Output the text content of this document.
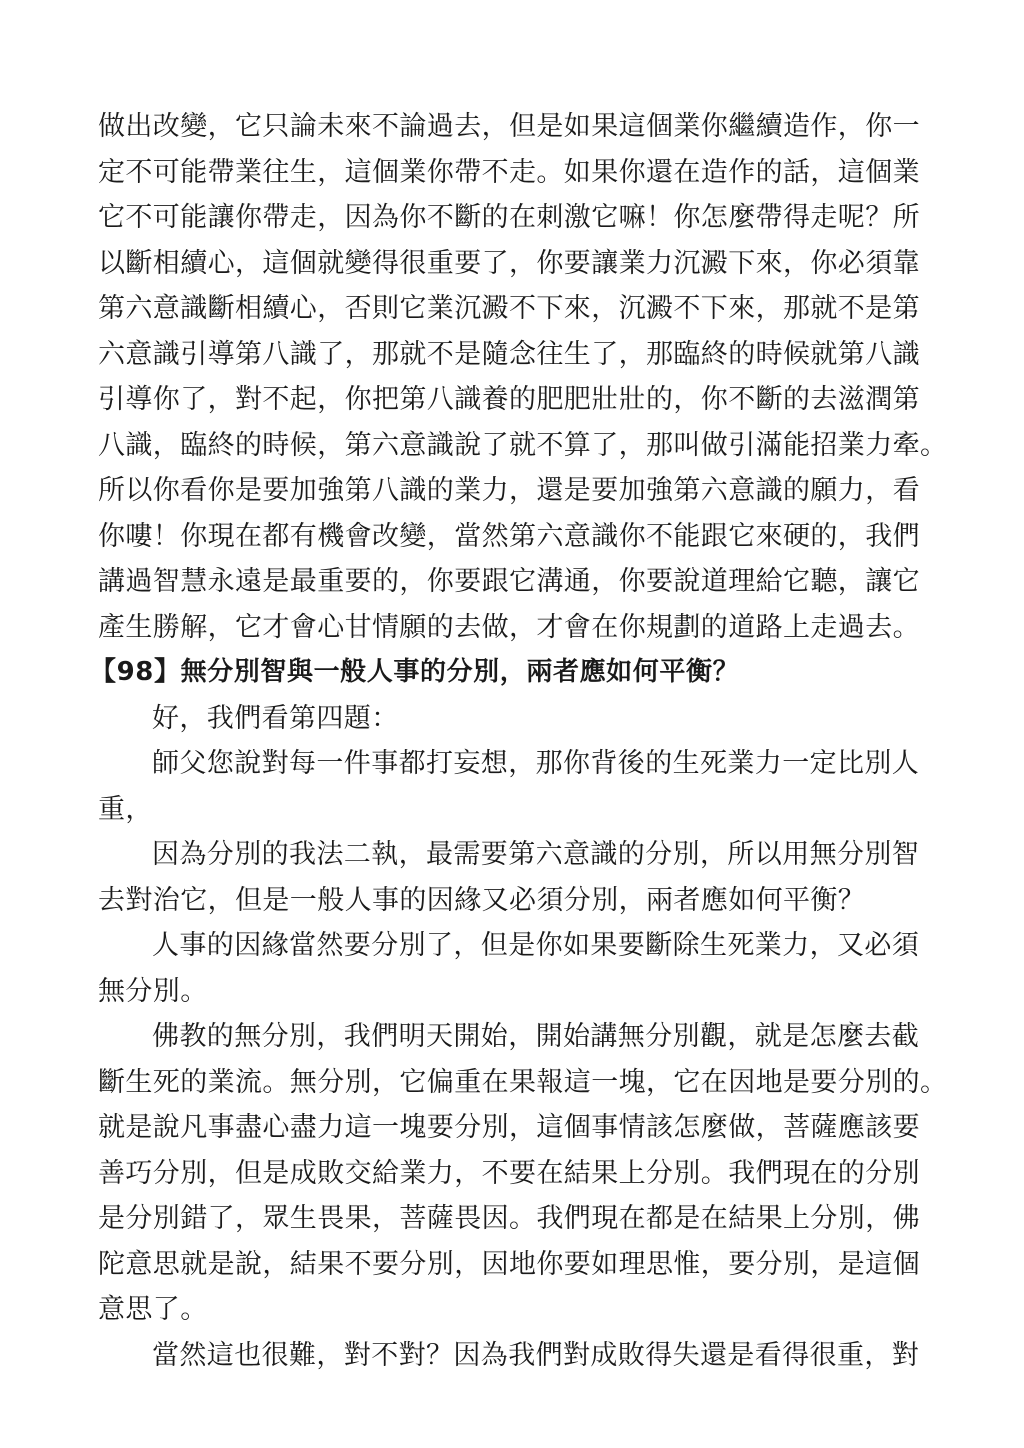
做出改變，它只論未來不論過去，但是如果這個業你繼續造作，你一
定不可能帶業往生，這個業你帶不走。如果你還在造作的話，這個業
它不可能讓你帶走，因為你不斷的在刺激它嘛！你怎麼帶得走呢？所
以斷相續心，這個就變得很重要了，你要讓業力沉澱下來，你必須靠
第六意識斷相續心，否則它業沉澱不下來，沉澱不下來，那就不是第
六意識引導第八識了，那就不是隨念往生了，那臨終的時候就第八識
引導你了，對不起，你把第八識養的肥肥壯壯的，你不斷的去滋潤第
八識，臨終的時候，第六意識說了就不算了，那叫做引滿能招業力牽。
所以你看你是要加強第八識的業力，還是要加強第六意識的願力，看
你嘍！你現在都有機會改變，當然第六意識你不能跟它來硬的，我們
講過智慧永遠是最重要的，你要跟它溝通，你要說道理給它聽，讓它
產生勝解，它才會心甘情願的去做，才會在你規劃的道路上走過去。
【98】無分別智與一般人事的分別，兩者應如何平衡？
好，我們看第四題：
師父您說對每一件事都打妄想，那你背後的生死業力一定比別人
重，
因為分別的我法二執，最需要第六意識的分別，所以用無分別智
去對治它，但是一般人事的因緣又必須分別，兩者應如何平衡？
人事的因緣當然要分別了，但是你如果要斷除生死業力，又必須
無分別。
佛教的無分別，我們明天開始，開始講無分別觀，就是怎麼去截
斷生死的業流。無分別，它偏重在果報這一塊，它在因地是要分別的。
就是說凡事盡心盡力這一塊要分別，這個事情該怎麼做，菩薩應該要
善巧分別，但是成敗交給業力，不要在結果上分別。我們現在的分別
是分別錯了，眾生畏果，菩薩畏因。我們現在都是在結果上分別，佛
陀意思就是說，結果不要分別，因地你要如理思惟，要分別，是這個
意思了。
當然這也很難，對不對？因為我們對成敗得失還是看得很重，對
